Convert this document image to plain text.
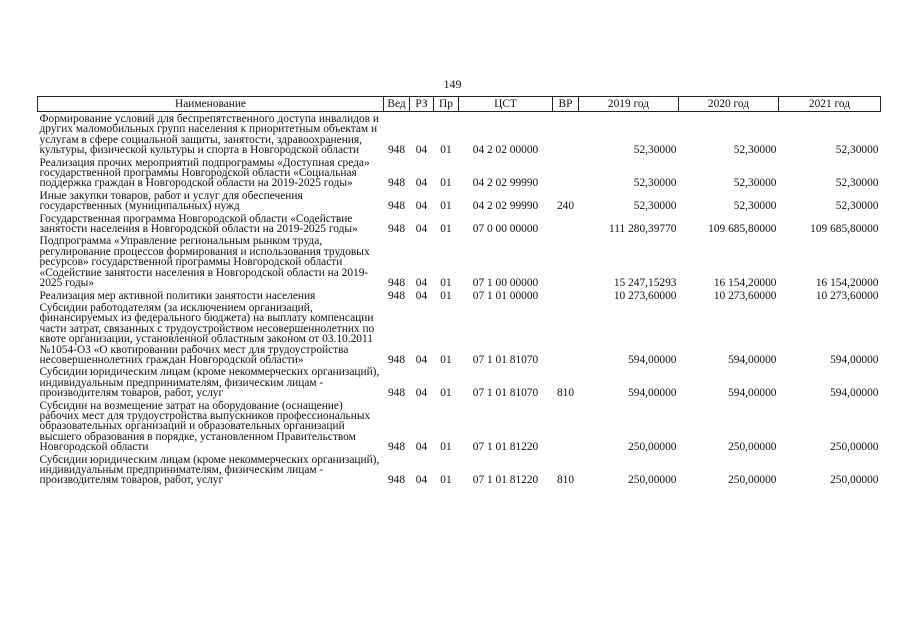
149
Наименование	Вед	РЗ	Пр	ЦСТ	ВР	2019 год	2020 год	2021 год
Формирование условий для беспрепятственного доступа инвалидов и других маломобильных групп населения к приоритетным объектам и услугам в сфере социальной защиты, занятости, здравоохранения, культуры, физической культуры и спорта в Новгородской области	948	04	01	04 2 02 00000		52,30000	52,30000	52,30000
Реализация прочих мероприятий подпрограммы «Доступная среда» государственной программы Новгородской области «Социальная поддержка граждан в Новгородской области на 2019-2025 годы»	948	04	01	04 2 02 99990		52,30000	52,30000	52,30000
Иные закупки товаров, работ и услуг для обеспечения государственных (муниципальных) нужд	948	04	01	04 2 02 99990	240	52,30000	52,30000	52,30000
Государственная программа Новгородской области «Содействие занятости населения в Новгородской области на 2019-2025 годы»	948	04	01	07 0 00 00000		111 280,39770	109 685,80000	109 685,80000
Подпрограмма «Управление региональным рынком труда, регулирование процессов формирования и использования трудовых ресурсов» государственной программы Новгородской области «Содействие занятости населения в Новгородской области на 2019-2025 годы»	948	04	01	07 1 00 00000		15 247,15293	16 154,20000	16 154,20000
Реализация мер активной политики занятости населения	948	04	01	07 1 01 00000		10 273,60000	10 273,60000	10 273,60000
Субсидии работодателям (за исключением организаций, финансируемых из федерального бюджета) на выплату компенсации части затрат, связанных с трудоустройством несовершеннолетних по квоте организации, установленной областным законом от 03.10.2011 №1054-ОЗ «О квотировании рабочих мест для трудоустройства несовершеннолетних граждан Новгородской области»	948	04	01	07 1 01 81070		594,00000	594,00000	594,00000
Субсидии юридическим лицам (кроме некоммерческих организаций), индивидуальным предпринимателям, физическим лицам - производителям товаров, работ, услуг	948	04	01	07 1 01 81070	810	594,00000	594,00000	594,00000
Субсидии на возмещение затрат на оборудование (оснащение) рабочих мест для трудоустройства выпускников профессиональных образовательных организаций и образовательных организаций высшего образования в порядке, установленном Правительством Новгородской области	948	04	01	07 1 01 81220		250,00000	250,00000	250,00000
Субсидии юридическим лицам (кроме некоммерческих организаций), индивидуальным предпринимателям, физическим лицам - производителям товаров, работ, услуг	948	04	01	07 1 01 81220	810	250,00000	250,00000	250,00000
